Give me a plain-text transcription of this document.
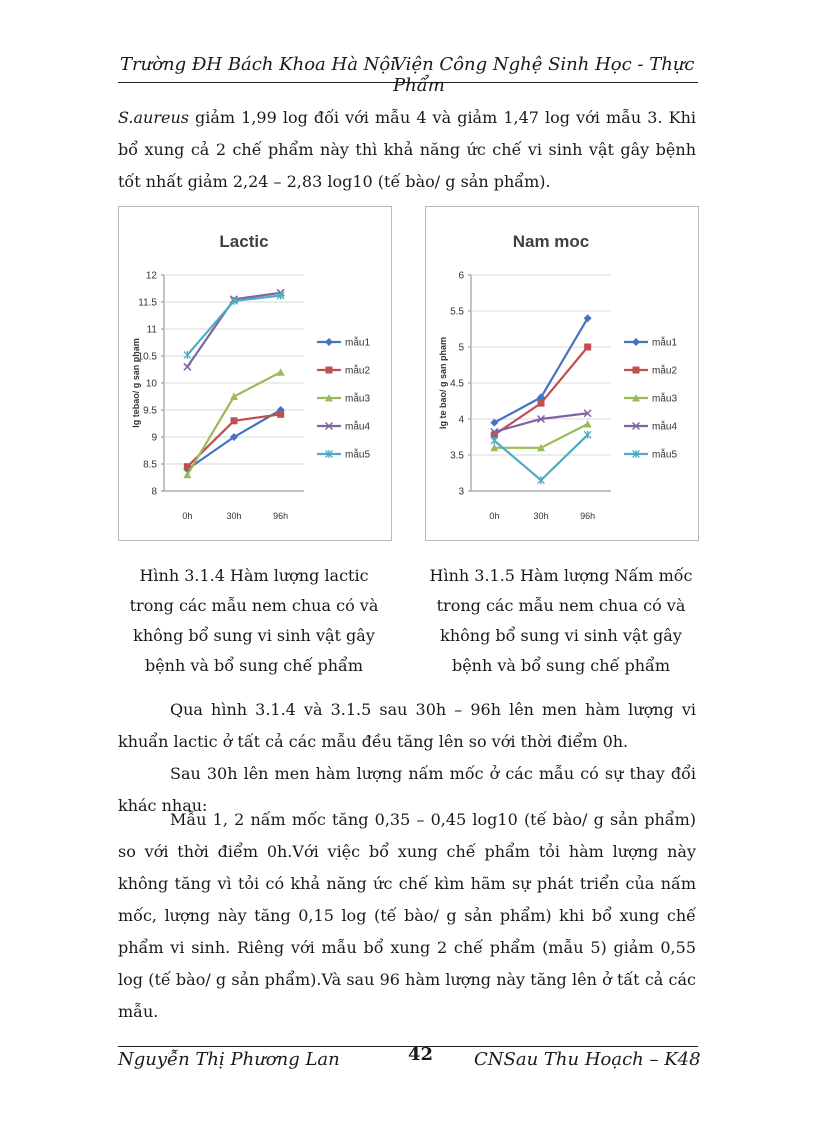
Trường ĐH Bách Khoa Hà Nội
Viện Công Nghệ Sinh Học - Thực Phẩm

S.aureus giảm 1,99 log đối với mẫu 4 và giảm 1,47 log với mẫu 3. Khi bổ xung cả 2 chế phẩm này thì khả năng ức chế vi sinh vật gây bệnh tốt nhất giảm 2,24 – 2,83 log10 (tế bào/ g sản phẩm).

Lactic
8
8.5
9
9.5
10
10.5
11
11.5
12
0h	30h	96h
lg tebao/ g san pham	mẫu1
mẫu2
mẫu3
mẫu4
mẫu5
Nam moc
3
3.5
4
4.5
5
5.5
6
0h	30h	96h
lg te bao/ g san pham	mẫu1
mẫu2
mẫu3
mẫu4
mẫu5

Hình 3.1.4 Hàm lượng lactic trong các mẫu nem chua có và không bổ sung vi sinh vật gây bệnh và bổ sung chế phẩm

Hình 3.1.5 Hàm lượng Nấm mốc trong các mẫu nem chua có và không bổ sung vi sinh vật gây bệnh và bổ sung chế phẩm

Qua hình 3.1.4 và 3.1.5 sau 30h – 96h lên men hàm lượng vi khuẩn lactic ở tất cả các mẫu đều tăng lên so với thời điểm 0h.

Sau 30h lên men hàm lượng nấm mốc ở các mẫu có sự thay đổi khác nhau:

Mẫu 1, 2 nấm mốc tăng 0,35 – 0,45 log10 (tế bào/ g sản phẩm) so với thời điểm 0h.Với việc bổ xung chế phẩm tỏi hàm lượng này không tăng vì tỏi có khả năng ức chế kìm hãm sự phát triển của nấm mốc, lượng này tăng 0,15 log (tế bào/ g sản phẩm) khi bổ xung chế phẩm vi sinh. Riêng với mẫu bổ xung 2 chế phẩm (mẫu 5) giảm 0,55 log (tế bào/ g sản phẩm).Và sau 96 hàm lượng này tăng lên ở tất cả các mẫu.

Nguyễn Thị Phương Lan	42 CNSau Thu Hoạch – K48
